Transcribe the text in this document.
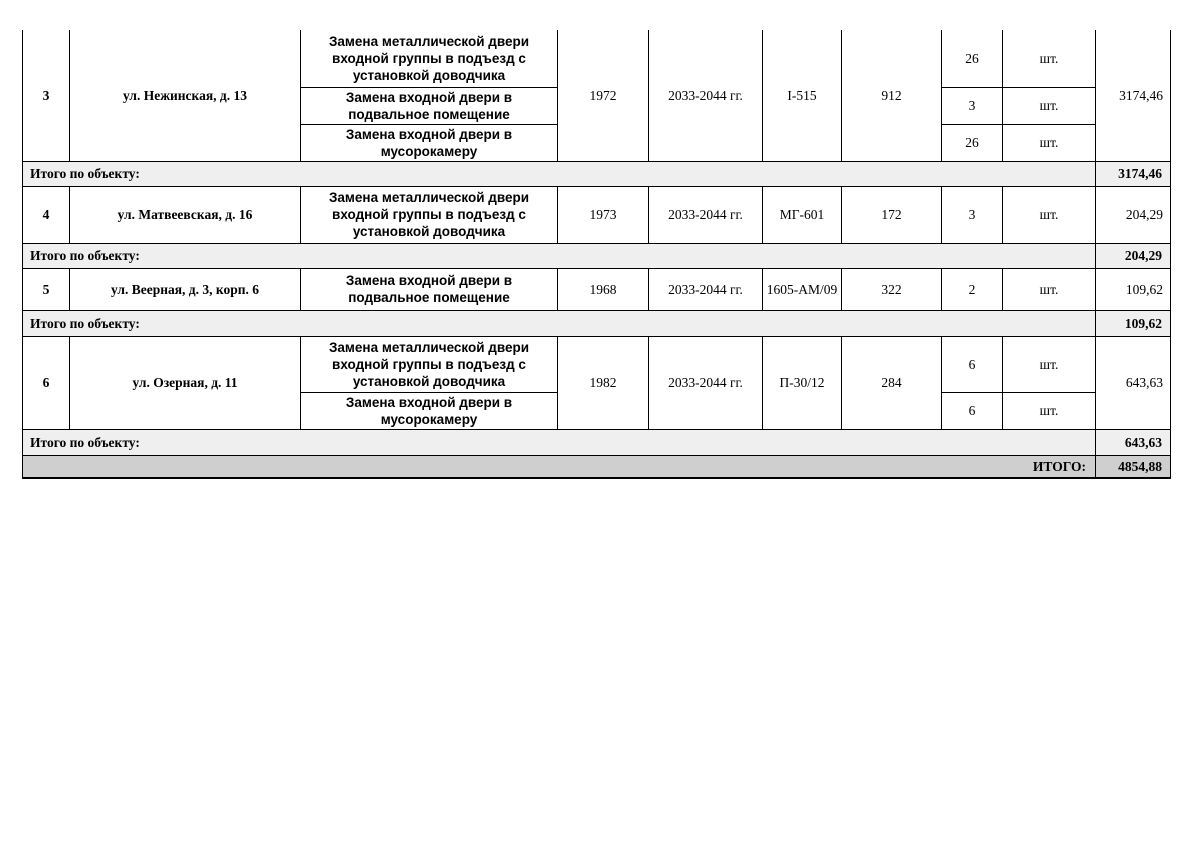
3	ул. Нежинская, д. 13	Замена металлической двери входной группы в подъезд с установкой доводчика	1972	2033-2044 гг.	I-515	912	26	шт.	3174,46
		Замена входной двери в подвальное помещение					3	шт.	
		Замена входной двери в мусорокамеру					26	шт.	
Итого по объекту:									3174,46
4	ул. Матвеевская, д. 16	Замена металлической двери входной группы в подъезд с установкой доводчика	1973	2033-2044 гг.	МГ-601	172	3	шт.	204,29
Итого по объекту:									204,29
5	ул. Веерная, д. 3, корп. 6	Замена входной двери в подвальное помещение	1968	2033-2044 гг.	1605-АМ/09	322	2	шт.	109,62
Итого по объекту:									109,62
6	ул. Озерная, д. 11	Замена металлической двери входной группы в подъезд с установкой доводчика	1982	2033-2044 гг.	П-30/12	284	6	шт.	643,63
		Замена входной двери в мусорокамеру					6	шт.	
Итого по объекту:									643,63
ИТОГО:									4854,88
